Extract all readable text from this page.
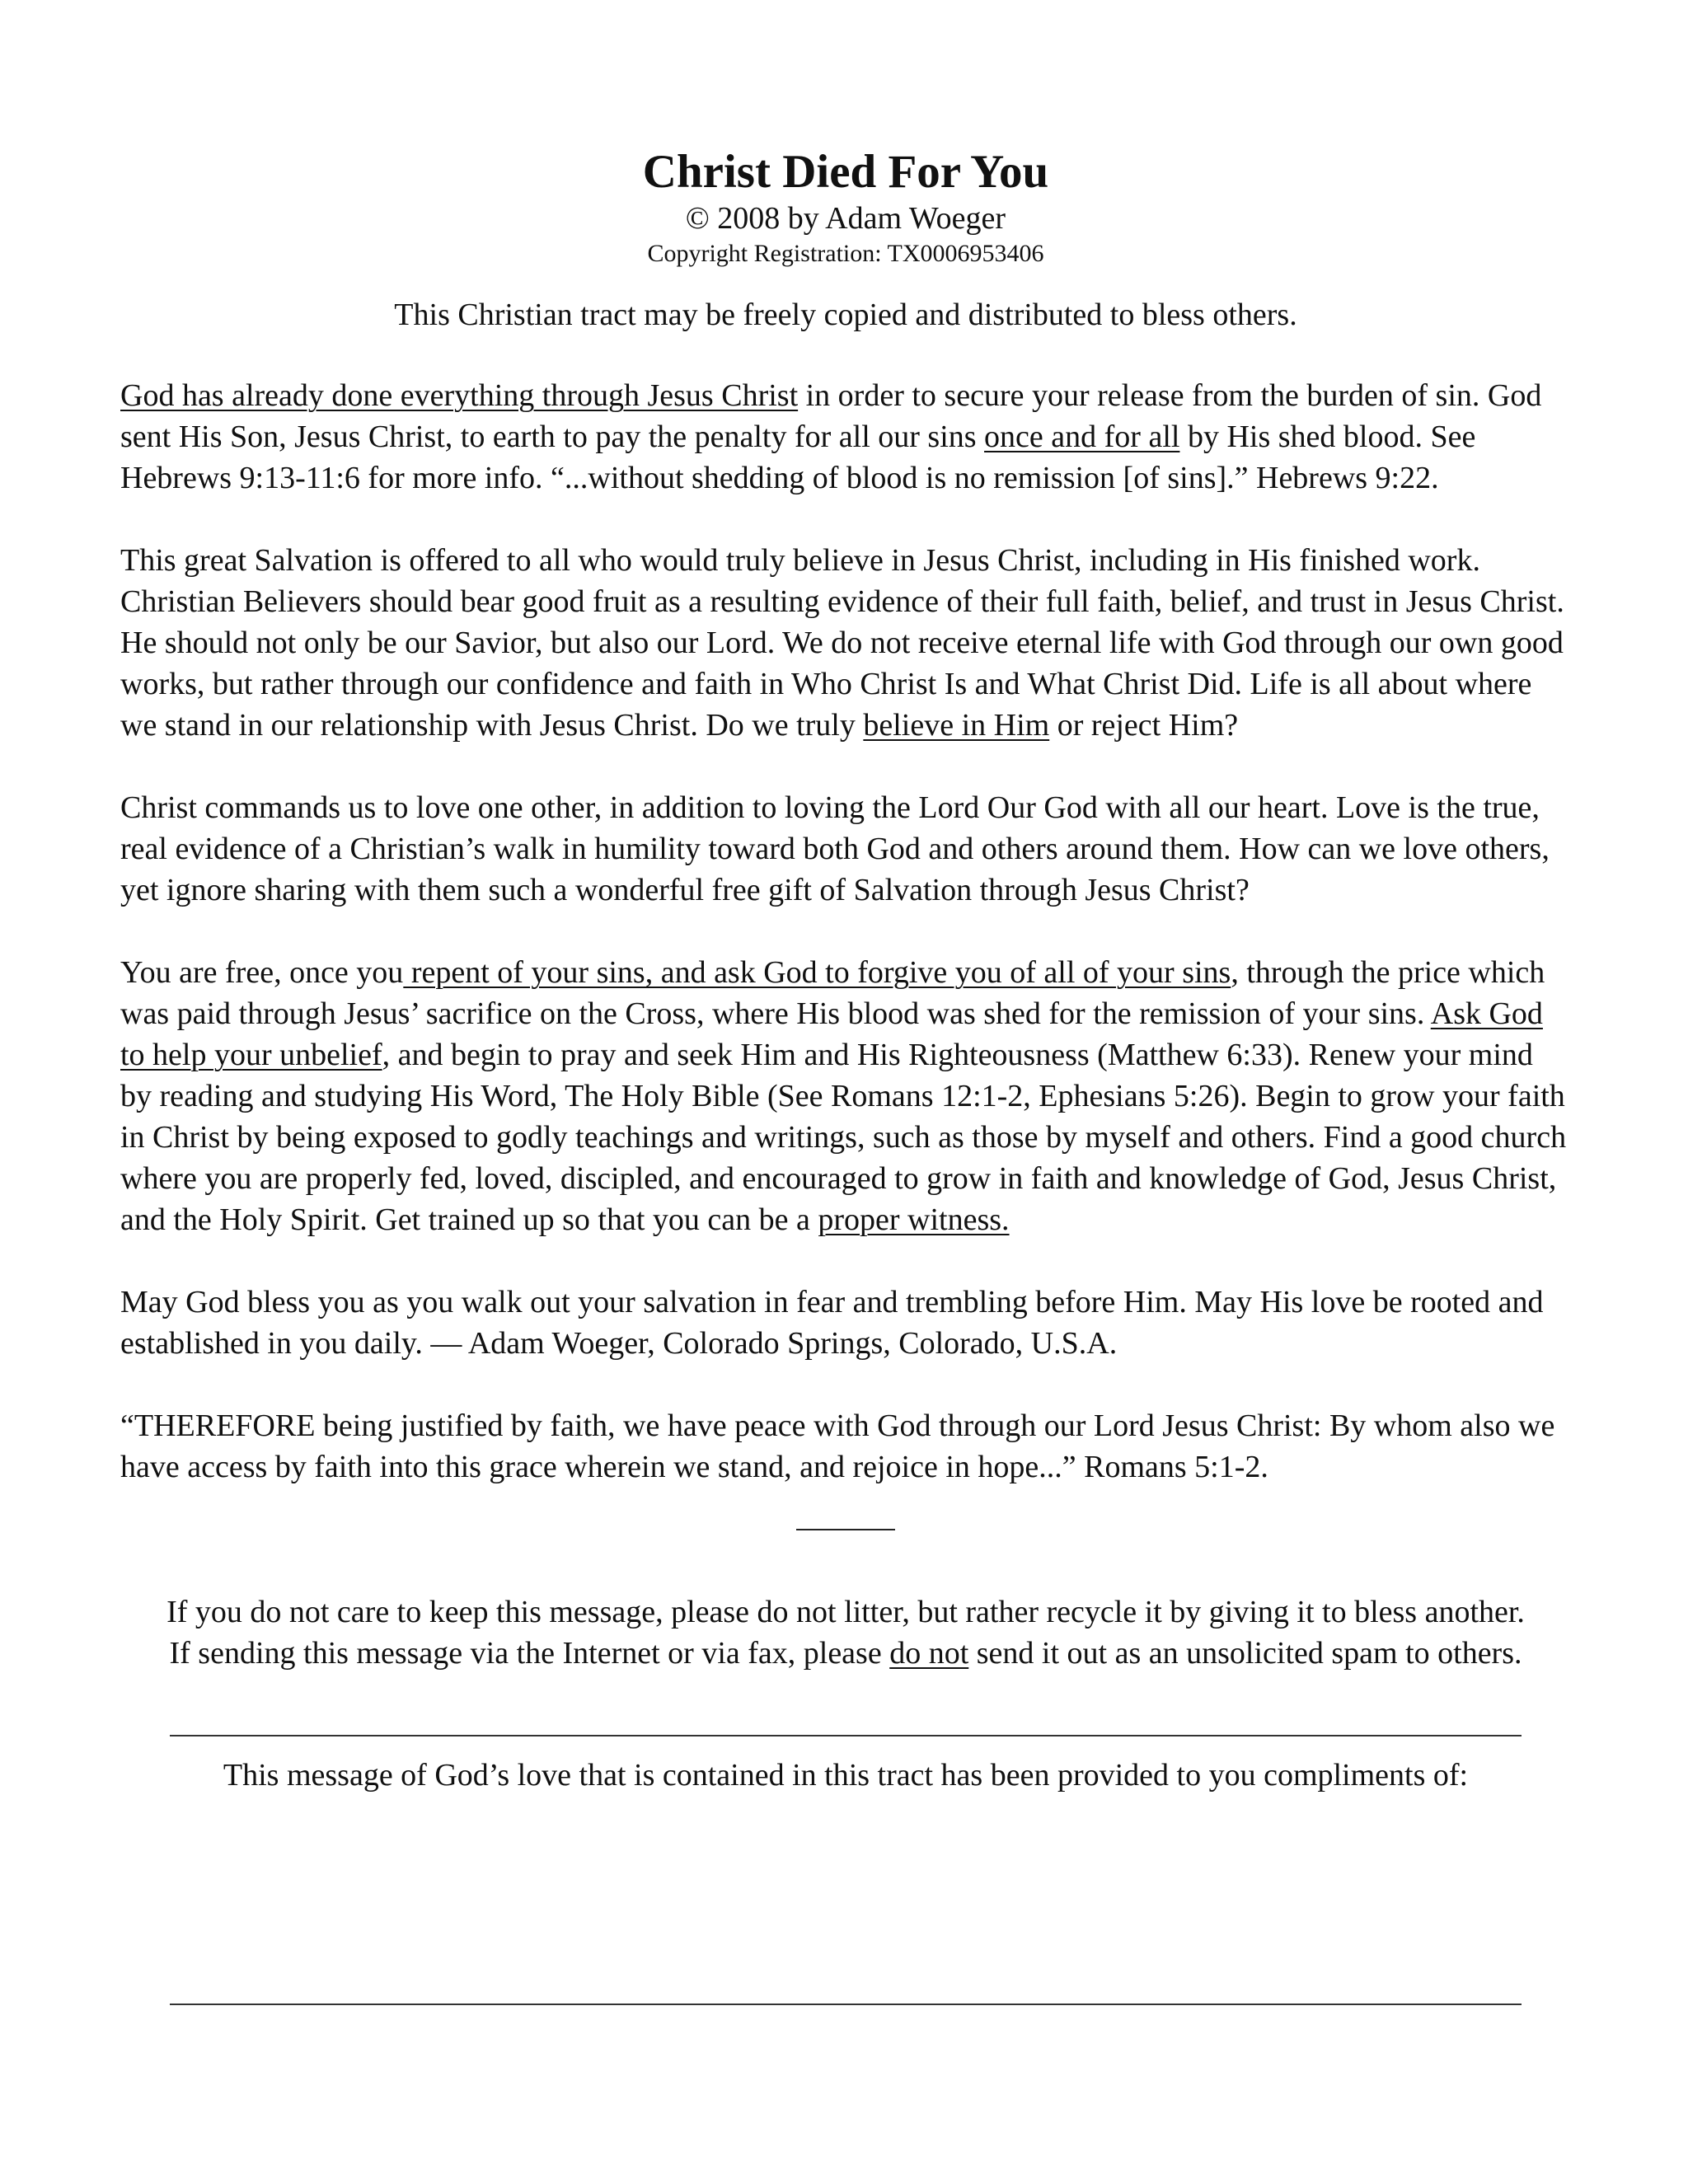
Christ Died For You
© 2008 by Adam Woeger
Copyright Registration: TX0006953406
This Christian tract may be freely copied and distributed to bless others.

God has already done everything through Jesus Christ in order to secure your release from the burden of sin. God sent His Son, Jesus Christ, to earth to pay the penalty for all our sins once and for all by His shed blood. See Hebrews 9:13-11:6 for more info. “...without shedding of blood is no remission [of sins].” Hebrews 9:22.

This great Salvation is offered to all who would truly believe in Jesus Christ, including in His finished work. Christian Believers should bear good fruit as a resulting evidence of their full faith, belief, and trust in Jesus Christ. He should not only be our Savior, but also our Lord. We do not receive eternal life with God through our own good works, but rather through our confidence and faith in Who Christ Is and What Christ Did. Life is all about where we stand in our relationship with Jesus Christ. Do we truly believe in Him or reject Him?

Christ commands us to love one other, in addition to loving the Lord Our God with all our heart. Love is the true, real evidence of a Christian’s walk in humility toward both God and others around them. How can we love others, yet ignore sharing with them such a wonderful free gift of Salvation through Jesus Christ?

You are free, once you repent of your sins, and ask God to forgive you of all of your sins, through the price which was paid through Jesus’ sacrifice on the Cross, where His blood was shed for the remission of your sins. Ask God to help your unbelief, and begin to pray and seek Him and His Righteousness (Matthew 6:33). Renew your mind by reading and studying His Word, The Holy Bible (See Romans 12:1-2, Ephesians 5:26). Begin to grow your faith in Christ by being exposed to godly teachings and writings, such as those by myself and others. Find a good church where you are properly fed, loved, discipled, and encouraged to grow in faith and knowledge of God, Jesus Christ, and the Holy Spirit. Get trained up so that you can be a proper witness.

May God bless you as you walk out your salvation in fear and trembling before Him. May His love be rooted and established in you daily. — Adam Woeger, Colorado Springs, Colorado, U.S.A.

“THEREFORE being justified by faith, we have peace with God through our Lord Jesus Christ: By whom also we have access by faith into this grace wherein we stand, and rejoice in hope...” Romans 5:1-2.

If you do not care to keep this message, please do not litter, but rather recycle it by giving it to bless another.
If sending this message via the Internet or via fax, please do not send it out as an unsolicited spam to others.
This message of God’s love that is contained in this tract has been provided to you compliments of:
